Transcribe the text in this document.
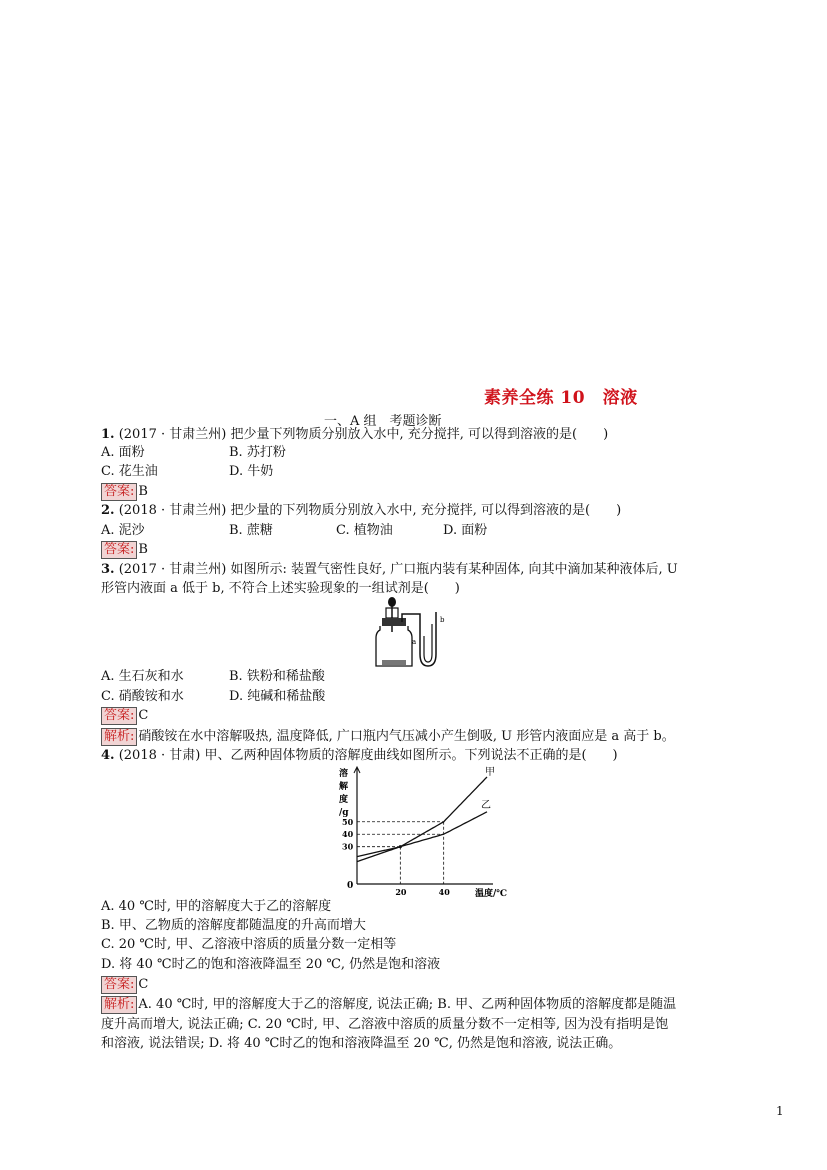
素养全练 10　溶液
一、A 组　考题诊断
1. (2017 · 甘肃兰州) 把少量下列物质分别放入水中, 充分搅拌, 可以得到溶液的是(　　)
A. 面粉	B. 苏打粉
C. 花生油	D. 牛奶
答案: B
2. (2018 · 甘肃兰州) 把少量的下列物质分别放入水中, 充分搅拌, 可以得到溶液的是(　　)
A. 泥沙	B. 蔗糖	C. 植物油	D. 面粉
答案: B
3. (2017 · 甘肃兰州) 如图所示: 装置气密性良好, 广口瓶内装有某种固体, 向其中滴加某种液体后, U
形管内液面 a 低于 b, 不符合上述实验现象的一组试剂是(　　)
a
b
A. 生石灰和水	B. 铁粉和稀盐酸
C. 硝酸铵和水	D. 纯碱和稀盐酸
答案: C
解析: 硝酸铵在水中溶解吸热, 温度降低, 广口瓶内气压减小产生倒吸, U 形管内液面应是 a 高于 b。
4. (2018 · 甘肃) 甲、乙两种固体物质的溶解度曲线如图所示。下列说法不正确的是(　　)
溶
解
度
/g
温度/℃
0
30
40
50
20	40
甲
乙
A. 40 ℃时, 甲的溶解度大于乙的溶解度
B. 甲、乙物质的溶解度都随温度的升高而增大
C. 20 ℃时, 甲、乙溶液中溶质的质量分数一定相等
D. 将 40 ℃时乙的饱和溶液降温至 20 ℃, 仍然是饱和溶液
答案: C
解析: A. 40 ℃时, 甲的溶解度大于乙的溶解度, 说法正确; B. 甲、乙两种固体物质的溶解度都是随温
度升高而增大, 说法正确; C. 20 ℃时, 甲、乙溶液中溶质的质量分数不一定相等, 因为没有指明是饱
和溶液, 说法错误; D. 将 40 ℃时乙的饱和溶液降温至 20 ℃, 仍然是饱和溶液, 说法正确。
1
